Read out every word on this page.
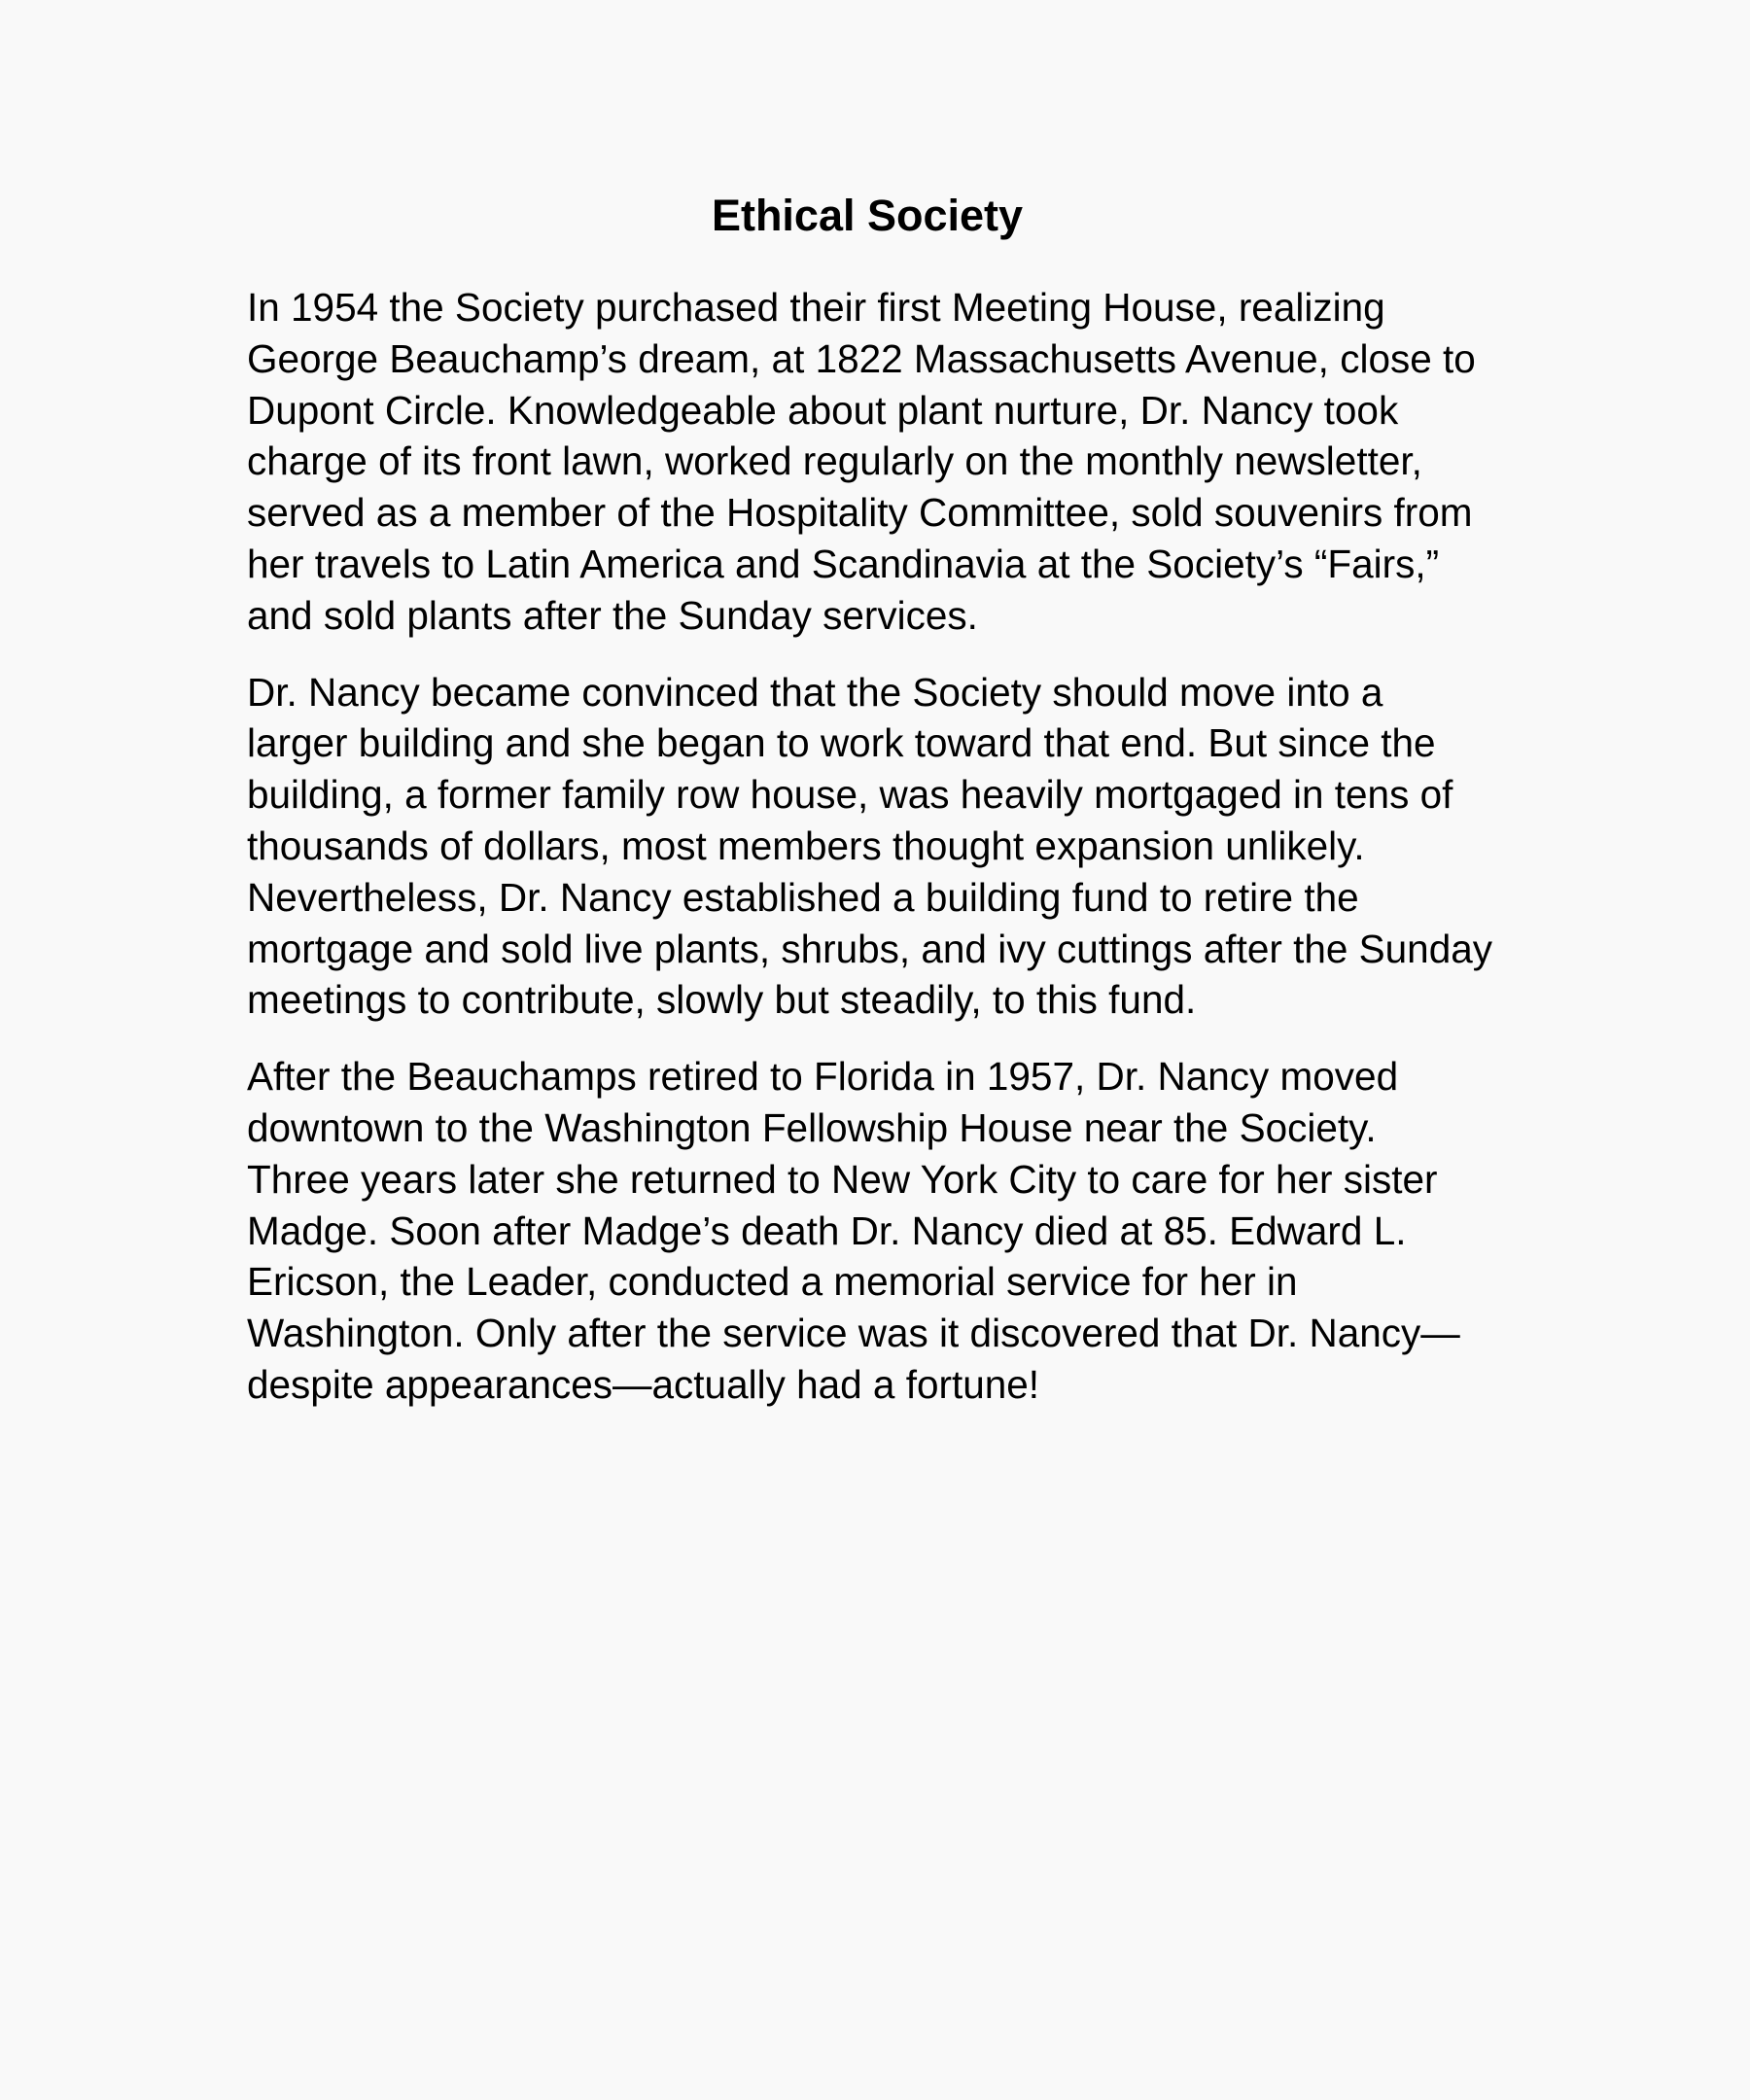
Ethical Society

In 1954 the Society purchased their first Meeting House, realizing
George Beauchamp’s dream, at 1822 Massachusetts Avenue, close to
Dupont Circle. Knowledgeable about plant nurture, Dr. Nancy took
charge of its front lawn, worked regularly on the monthly newsletter,
served as a member of the Hospitality Committee, sold souvenirs from
her travels to Latin America and Scandinavia at the Society’s “Fairs,”
and sold plants after the Sunday services.

Dr. Nancy became convinced that the Society should move into a
larger building and she began to work toward that end. But since the
building, a former family row house, was heavily mortgaged in tens of
thousands of dollars, most members thought expansion unlikely.
Nevertheless, Dr. Nancy established a building fund to retire the
mortgage and sold live plants, shrubs, and ivy cuttings after the Sunday
meetings to contribute, slowly but steadily, to this fund.

After the Beauchamps retired to Florida in 1957, Dr. Nancy moved
downtown to the Washington Fellowship House near the Society.
Three years later she returned to New York City to care for her sister
Madge. Soon after Madge’s death Dr. Nancy died at 85. Edward L.
Ericson, the Leader, conducted a memorial service for her in
Washington. Only after the service was it discovered that Dr. Nancy—
despite appearances—actually had a fortune!
